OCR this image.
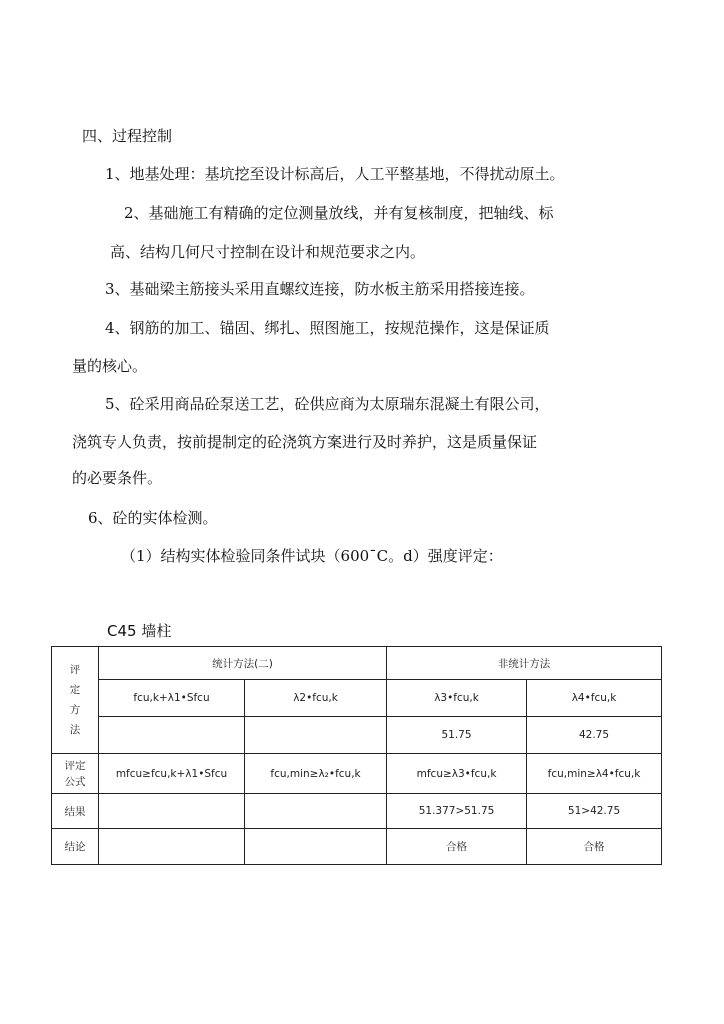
四、过程控制

1、地基处理：基坑挖至设计标高后，人工平整基地，不得扰动原土。

2、基础施工有精确的定位测量放线，并有复核制度，把轴线、标

高、结构几何尺寸控制在设计和规范要求之内。

3、基础梁主筋接头采用直螺纹连接，防水板主筋采用搭接连接。

4、钢筋的加工、锚固、绑扎、照图施工，按规范操作，这是保证质

量的核心。

5、砼采用商品砼泵送工艺，砼供应商为太原瑞东混凝土有限公司，

浇筑专人负责，按前提制定的砼浇筑方案进行及时养护，这是质量保证

的必要条件。

6、砼的实体检测。

（1）结构实体检验同条件试块（600ˉC。d）强度评定：

C45 墙柱

评
定
方
法	统计方法(二)		非统计方法	
	fcu,k+λ1•Sfcu	λ2•fcu,k	λ3•fcu,k	λ4•fcu,k
			51.75	42.75

评定
公式	mfcu≥fcu,k+λ1•Sfcu	fcu,min≥λ₂•fcu,k	mfcu≥λ3•fcu,k	fcu,min≥λ4•fcu,k
结果			51.377>51.75	51>42.75
结论			合格	合格
